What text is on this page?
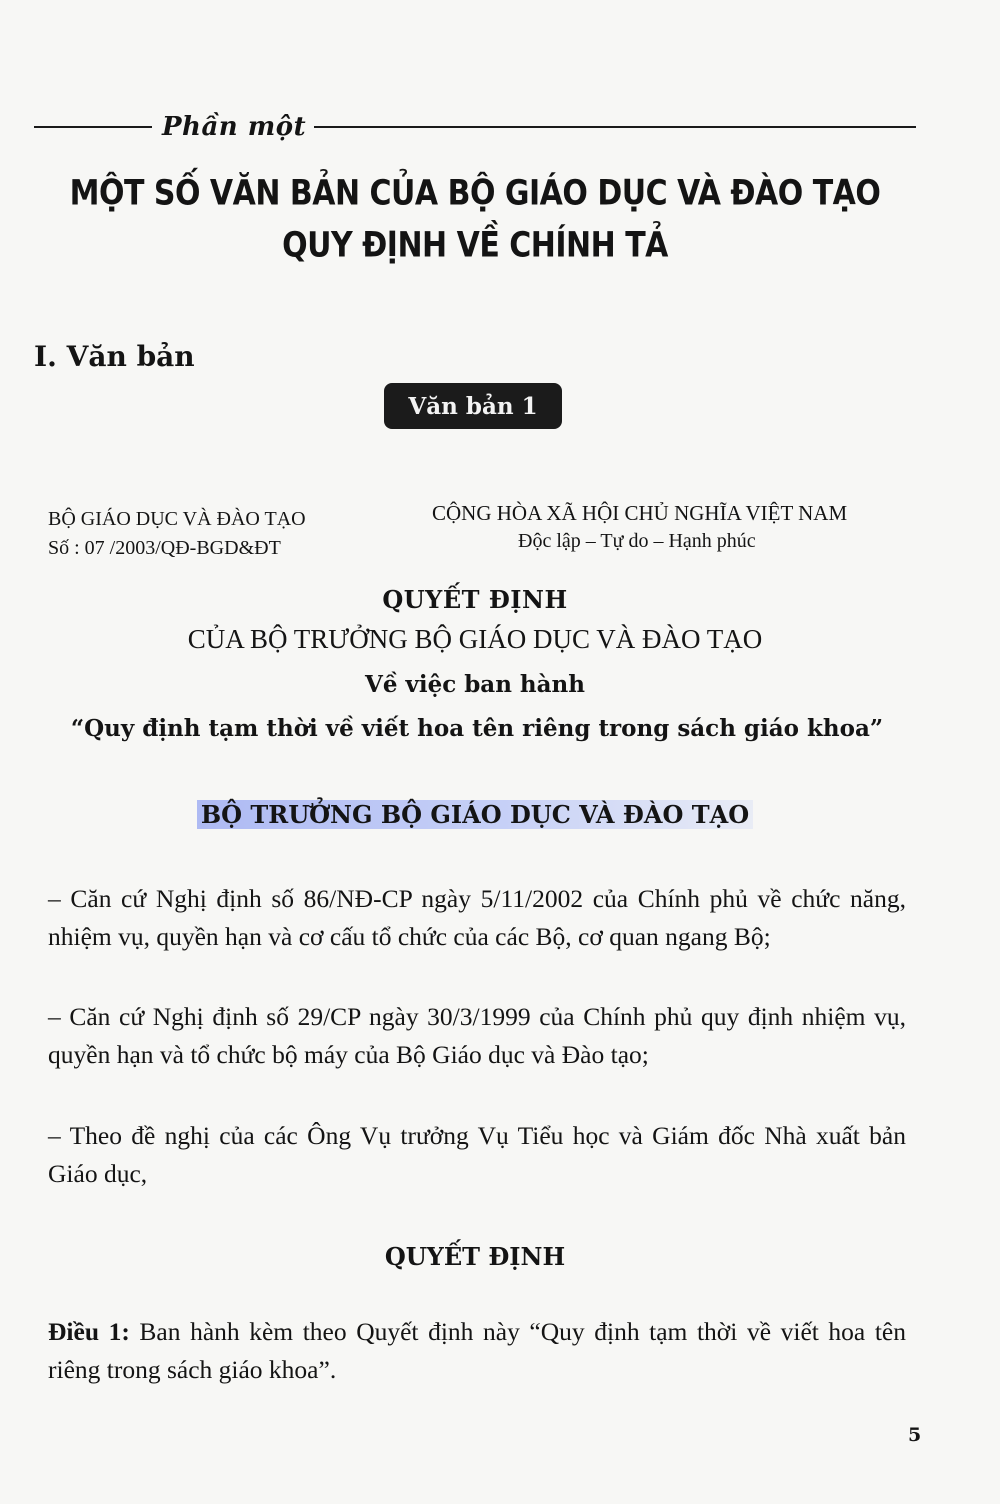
Phần một
MỘT SỐ VĂN BẢN CỦA BỘ GIÁO DỤC VÀ ĐÀO TẠO
QUY ĐỊNH VỀ CHÍNH TẢ
I. Văn bản
Văn bản 1
BỘ GIÁO DỤC VÀ ĐÀO TẠO
Số : 07 /2003/QĐ-BGD&ĐT
CỘNG HÒA XÃ HỘI CHỦ NGHĨA VIỆT NAM
Độc lập – Tự do – Hạnh phúc
QUYẾT ĐỊNH
CỦA BỘ TRƯỞNG BỘ GIÁO DỤC VÀ ĐÀO TẠO
Về việc ban hành
“Quy định tạm thời về viết hoa tên riêng trong sách giáo khoa”
BỘ TRƯỞNG BỘ GIÁO DỤC VÀ ĐÀO TẠO
– Căn cứ Nghị định số 86/NĐ-CP ngày 5/11/2002 của Chính phủ về chức năng, nhiệm vụ, quyền hạn và cơ cấu tổ chức của các Bộ, cơ quan ngang Bộ;
– Căn cứ Nghị định số 29/CP ngày 30/3/1999 của Chính phủ quy định nhiệm vụ, quyền hạn và tổ chức bộ máy của Bộ Giáo dục và Đào tạo;
– Theo đề nghị của các Ông Vụ trưởng Vụ Tiểu học và Giám đốc Nhà xuất bản Giáo dục,
QUYẾT ĐỊNH
Điều 1: Ban hành kèm theo Quyết định này “Quy định tạm thời về viết hoa tên riêng trong sách giáo khoa”.
5
